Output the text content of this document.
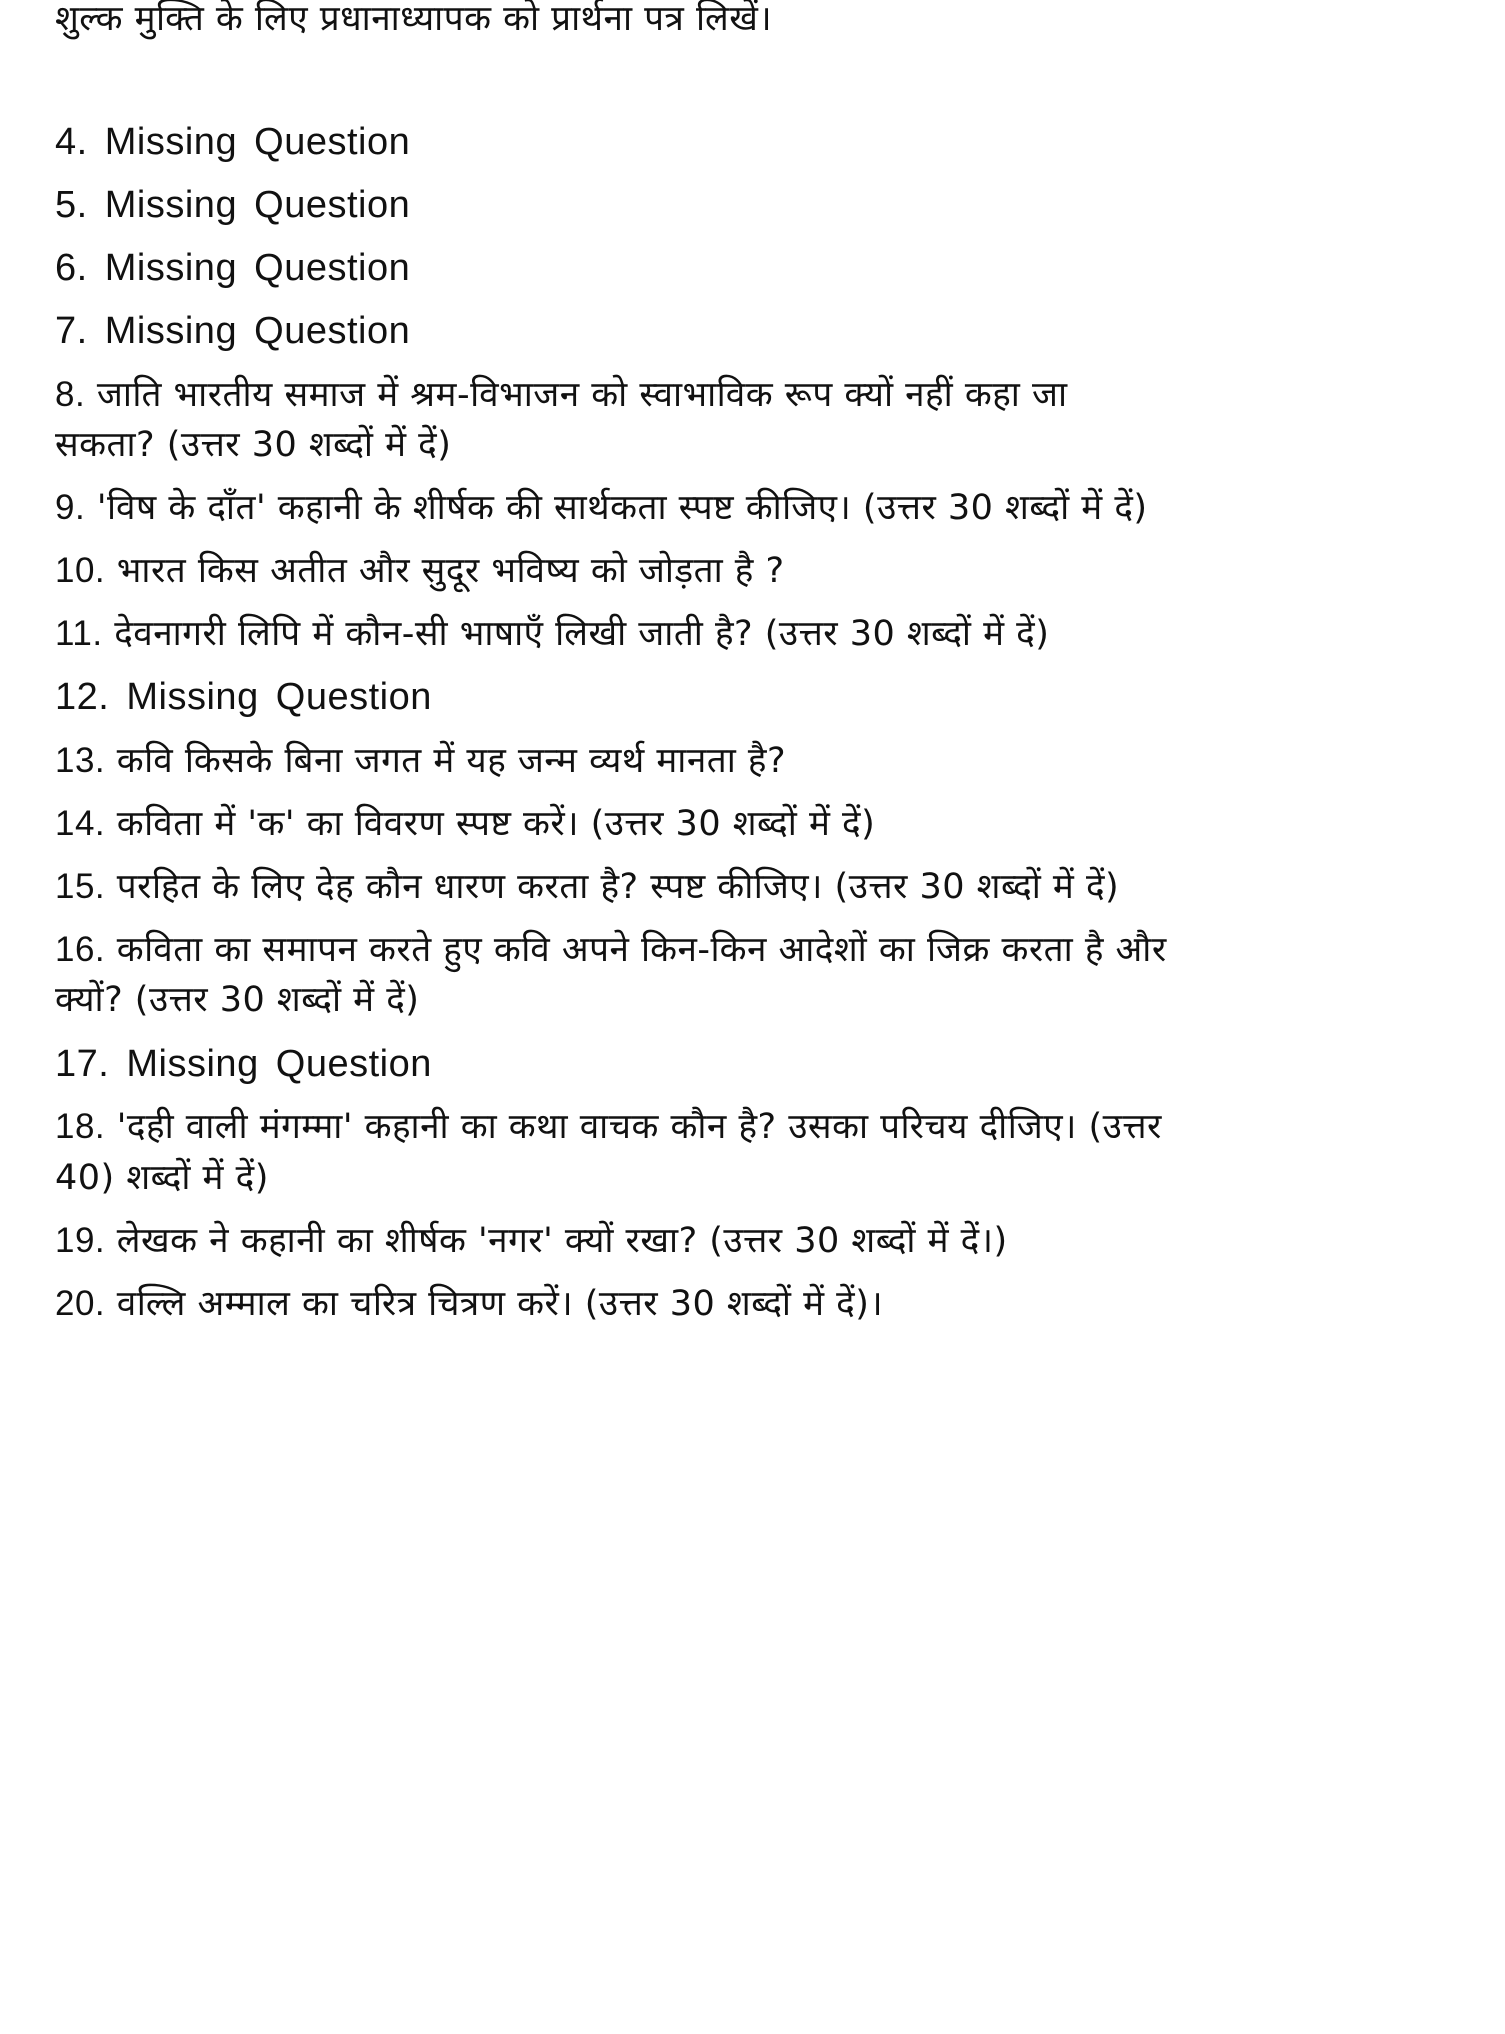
शुल्क मुक्ति के लिए प्रधानाध्यापक को प्रार्थना पत्र लिखें।
4. Missing Question
5. Missing Question
6. Missing Question
7. Missing Question
8. जाति भारतीय समाज में श्रम-विभाजन को स्वाभाविक रूप क्यों नहीं कहा जा
सकता? (उत्तर 30 शब्दों में दें)
9. 'विष के दाँत' कहानी के शीर्षक की सार्थकता स्पष्ट कीजिए। (उत्तर 30 शब्दों में दें)
10. भारत किस अतीत और सुदूर भविष्य को जोड़ता है ?
11. देवनागरी लिपि में कौन-सी भाषाएँ लिखी जाती है? (उत्तर 30 शब्दों में दें)
12. Missing Question
13. कवि किसके बिना जगत में यह जन्म व्यर्थ मानता है?
14. कविता में 'क' का विवरण स्पष्ट करें। (उत्तर 30 शब्दों में दें)
15. परहित के लिए देह कौन धारण करता है? स्पष्ट कीजिए। (उत्तर 30 शब्दों में दें)
16. कविता का समापन करते हुए कवि अपने किन-किन आदेशों का जिक्र करता है और
क्यों? (उत्तर 30 शब्दों में दें)
17. Missing Question
18. 'दही वाली मंगम्मा' कहानी का कथा वाचक कौन है? उसका परिचय दीजिए। (उत्तर
40) शब्दों में दें)
19. लेखक ने कहानी का शीर्षक 'नगर' क्यों रखा? (उत्तर 30 शब्दों में दें।)
20. वल्लि अम्माल का चरित्र चित्रण करें। (उत्तर 30 शब्दों में दें)।
